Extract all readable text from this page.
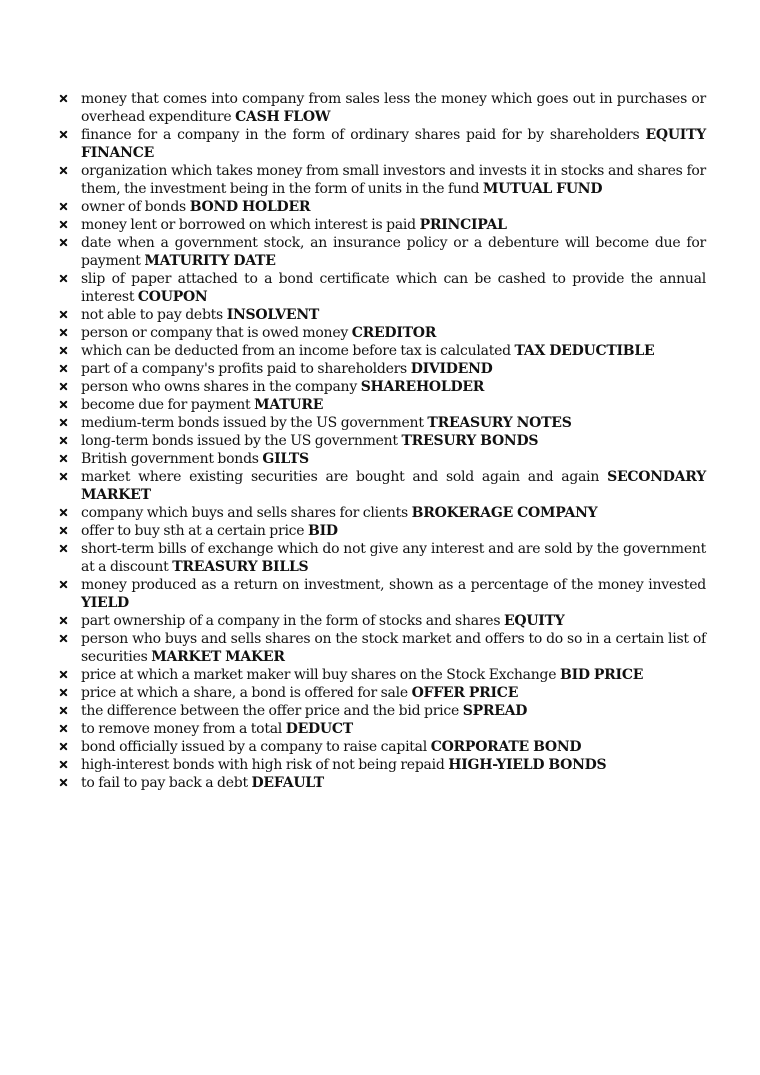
money that comes into company from sales less the money which goes out in purchases or overhead expenditure CASH FLOW
finance for a company in the form of ordinary shares paid for by shareholders EQUITY FINANCE
organization which takes money from small investors and invests it in stocks and shares for them, the investment being in the form of units in the fund MUTUAL FUND
owner of bonds BOND HOLDER
money lent or borrowed on which interest is paid PRINCIPAL
date when a government stock, an insurance policy or a debenture will become due for payment MATURITY DATE
slip of paper attached to a bond certificate which can be cashed to provide the annual interest COUPON
not able to pay debts INSOLVENT
person or company that is owed money CREDITOR
which can be deducted from an income before tax is calculated TAX DEDUCTIBLE
part of a company's profits paid to shareholders DIVIDEND
person who owns shares in the company SHAREHOLDER
become due for payment MATURE
medium-term bonds issued by the US government TREASURY NOTES
long-term bonds issued by the US government TRESURY BONDS
British government bonds GILTS
market where existing securities are bought and sold again and again SECONDARY MARKET
company which buys and sells shares for clients BROKERAGE COMPANY
offer to buy sth at a certain price BID
short-term bills of exchange which do not give any interest and are sold by the government at a discount TREASURY BILLS
money produced as a return on investment, shown as a percentage of the money invested YIELD
part ownership of a company in the form of stocks and shares EQUITY
person who buys and sells shares on the stock market and offers to do so in a certain list of securities MARKET MAKER
price at which a market maker will buy shares on the Stock Exchange BID PRICE
price at which a share, a bond is offered for sale OFFER PRICE
the difference between the offer price and the bid price SPREAD
to remove money from a total DEDUCT
bond officially issued by a company to raise capital CORPORATE BOND
high-interest bonds with high risk of not being repaid HIGH-YIELD BONDS
to fail to pay back a debt DEFAULT
